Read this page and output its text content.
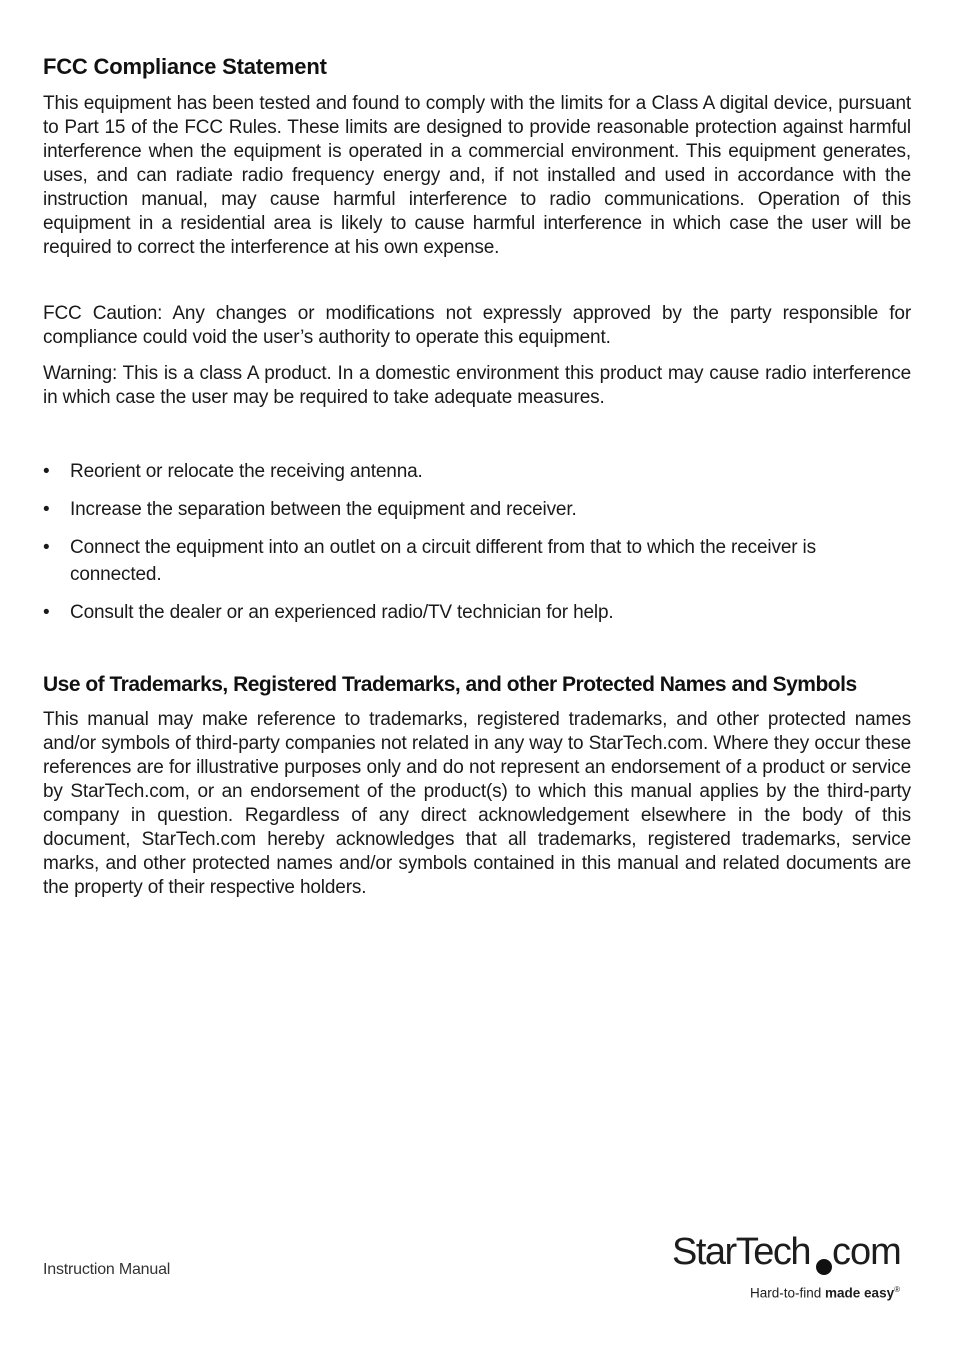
FCC Compliance Statement

This equipment has been tested and found to comply with the limits for a Class A digital device, pursuant to Part 15 of the FCC Rules. These limits are designed to provide reasonable protection against harmful interference when the equipment is operated in a commercial environment. This equipment generates, uses, and can radiate radio frequency energy and, if not installed and used in accordance with the instruction manual, may cause harmful interference to radio communications. Operation of this equipment in a residential area is likely to cause harmful interference in which case the user will be required to correct the interference at his own expense.

FCC Caution: Any changes or modifications not expressly approved by the party responsible for compliance could void the user’s authority to operate this equipment.

Warning: This is a class A product. In a domestic environment this product may cause radio interference in which case the user may be required to take adequate measures.

• Reorient or relocate the receiving antenna.
• Increase the separation between the equipment and receiver.
• Connect the equipment into an outlet on a circuit different from that to which the receiver is connected.
• Consult the dealer or an experienced radio/TV technician for help.
Use of Trademarks, Registered Trademarks, and other Protected Names and Symbols

This manual may make reference to trademarks, registered trademarks, and other protected names and/or symbols of third-party companies not related in any way to StarTech.com. Where they occur these references are for illustrative purposes only and do not represent an endorsement of a product or service by StarTech.com, or an endorsement of the product(s) to which this manual applies by the third-party company in question. Regardless of any direct acknowledgement elsewhere in the body of this document, StarTech.com hereby acknowledges that all trademarks, registered trademarks, service marks, and other protected names and/or symbols contained in this manual and related documents are the property of their respective holders.

Instruction Manual	StarTech com
Hard-to-find made easy®
